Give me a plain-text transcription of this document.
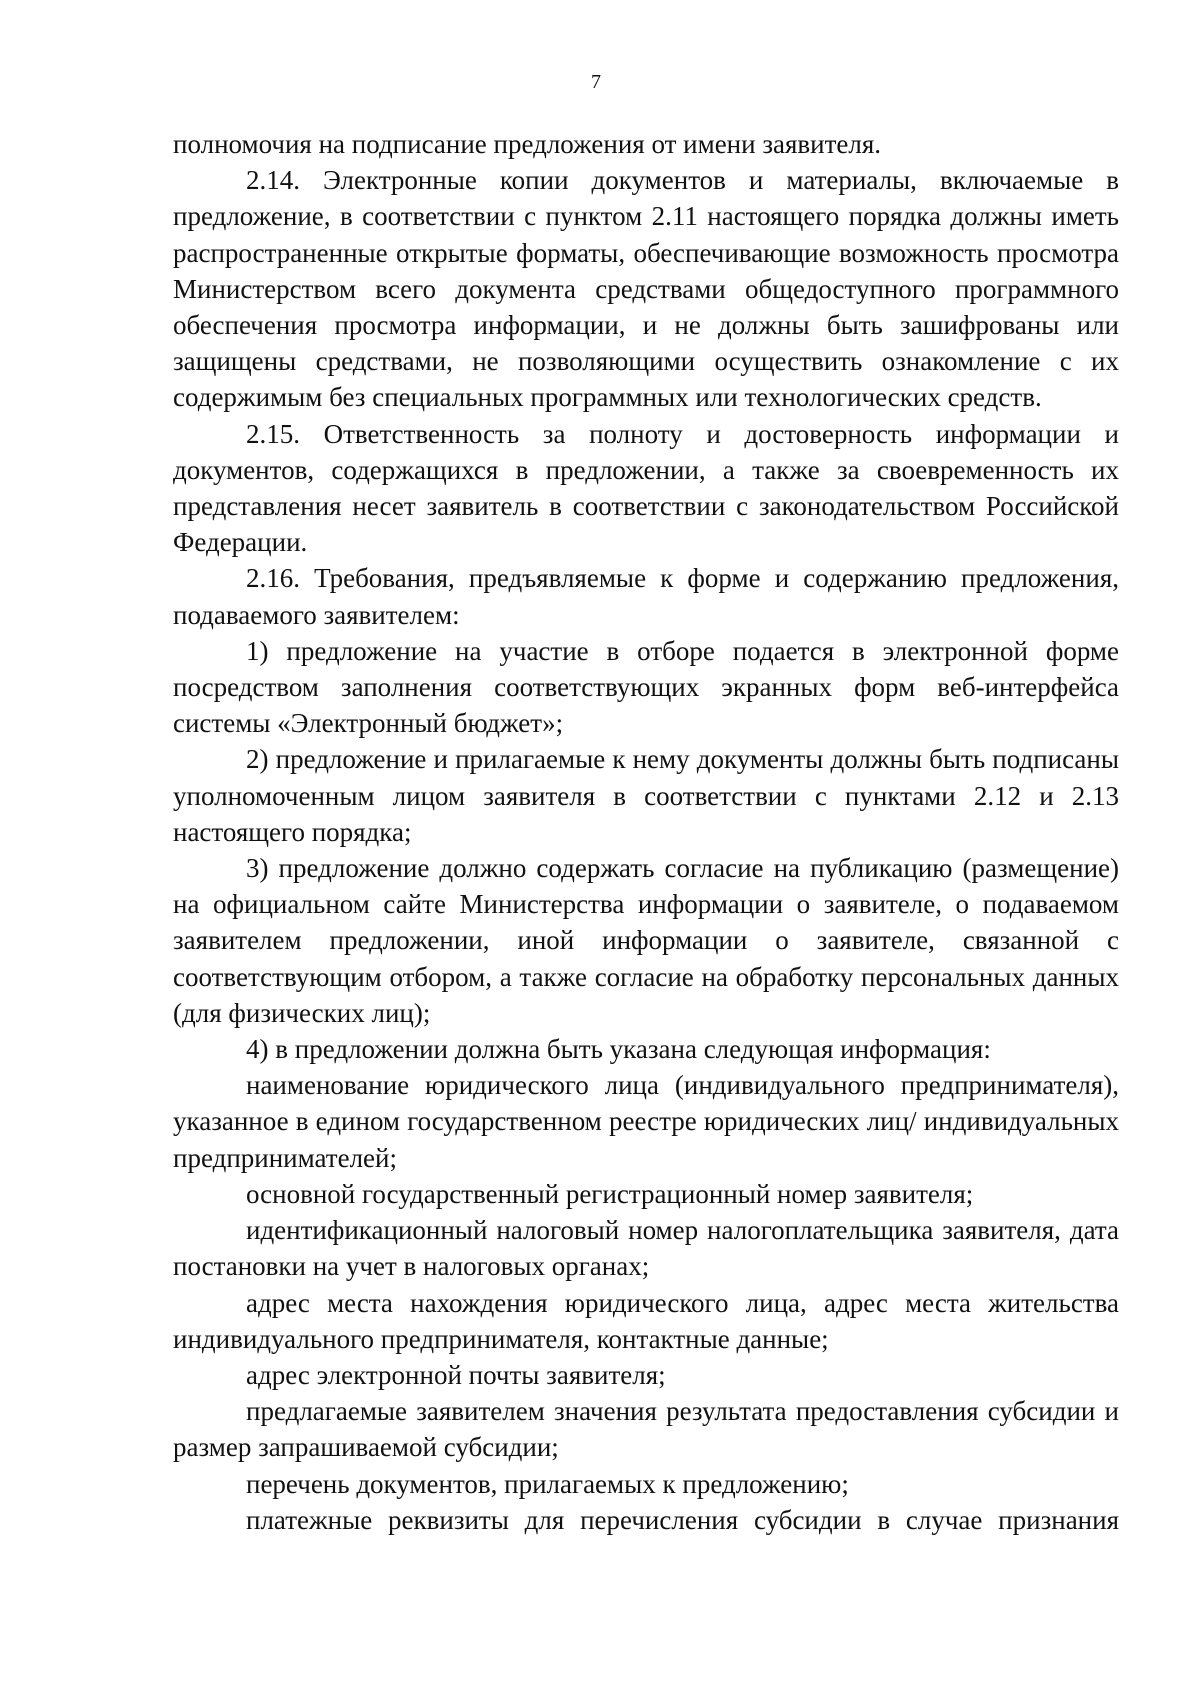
7

полномочия на подписание предложения от имени заявителя.

2.14. Электронные копии документов и материалы, включаемые в предложение, в соответствии с пунктом 2.11 настоящего порядка должны иметь распространенные открытые форматы, обеспечивающие возможность просмотра Министерством всего документа средствами общедоступного программного обеспечения просмотра информации, и не должны быть зашифрованы или защищены средствами, не позволяющими осуществить ознакомление с их содержимым без специальных программных или технологических средств.

2.15. Ответственность за полноту и достоверность информации и документов, содержащихся в предложении, а также за своевременность их представления несет заявитель в соответствии с законодательством Российской Федерации.

2.16. Требования, предъявляемые к форме и содержанию предложения, подаваемого заявителем:

1) предложение на участие в отборе подается в электронной форме посредством заполнения соответствующих экранных форм веб-интерфейса системы «Электронный бюджет»;

2) предложение и прилагаемые к нему документы должны быть подписаны уполномоченным лицом заявителя в соответствии с пунктами 2.12 и 2.13 настоящего порядка;

3) предложение должно содержать согласие на публикацию (размещение) на официальном сайте Министерства информации о заявителе, о подаваемом заявителем предложении, иной информации о заявителе, связанной с соответствующим отбором, а также согласие на обработку персональных данных (для физических лиц);

4) в предложении должна быть указана следующая информация:

наименование юридического лица (индивидуального предпринимателя), указанное в едином государственном реестре юридических лиц/ индивидуальных предпринимателей;

основной государственный регистрационный номер заявителя;

идентификационный налоговый номер налогоплательщика заявителя, дата постановки на учет в налоговых органах;

адрес места нахождения юридического лица, адрес места жительства индивидуального предпринимателя, контактные данные;

адрес электронной почты заявителя;

предлагаемые заявителем значения результата предоставления субсидии и размер запрашиваемой субсидии;

перечень документов, прилагаемых к предложению;

платежные реквизиты для перечисления субсидии в случае признания
